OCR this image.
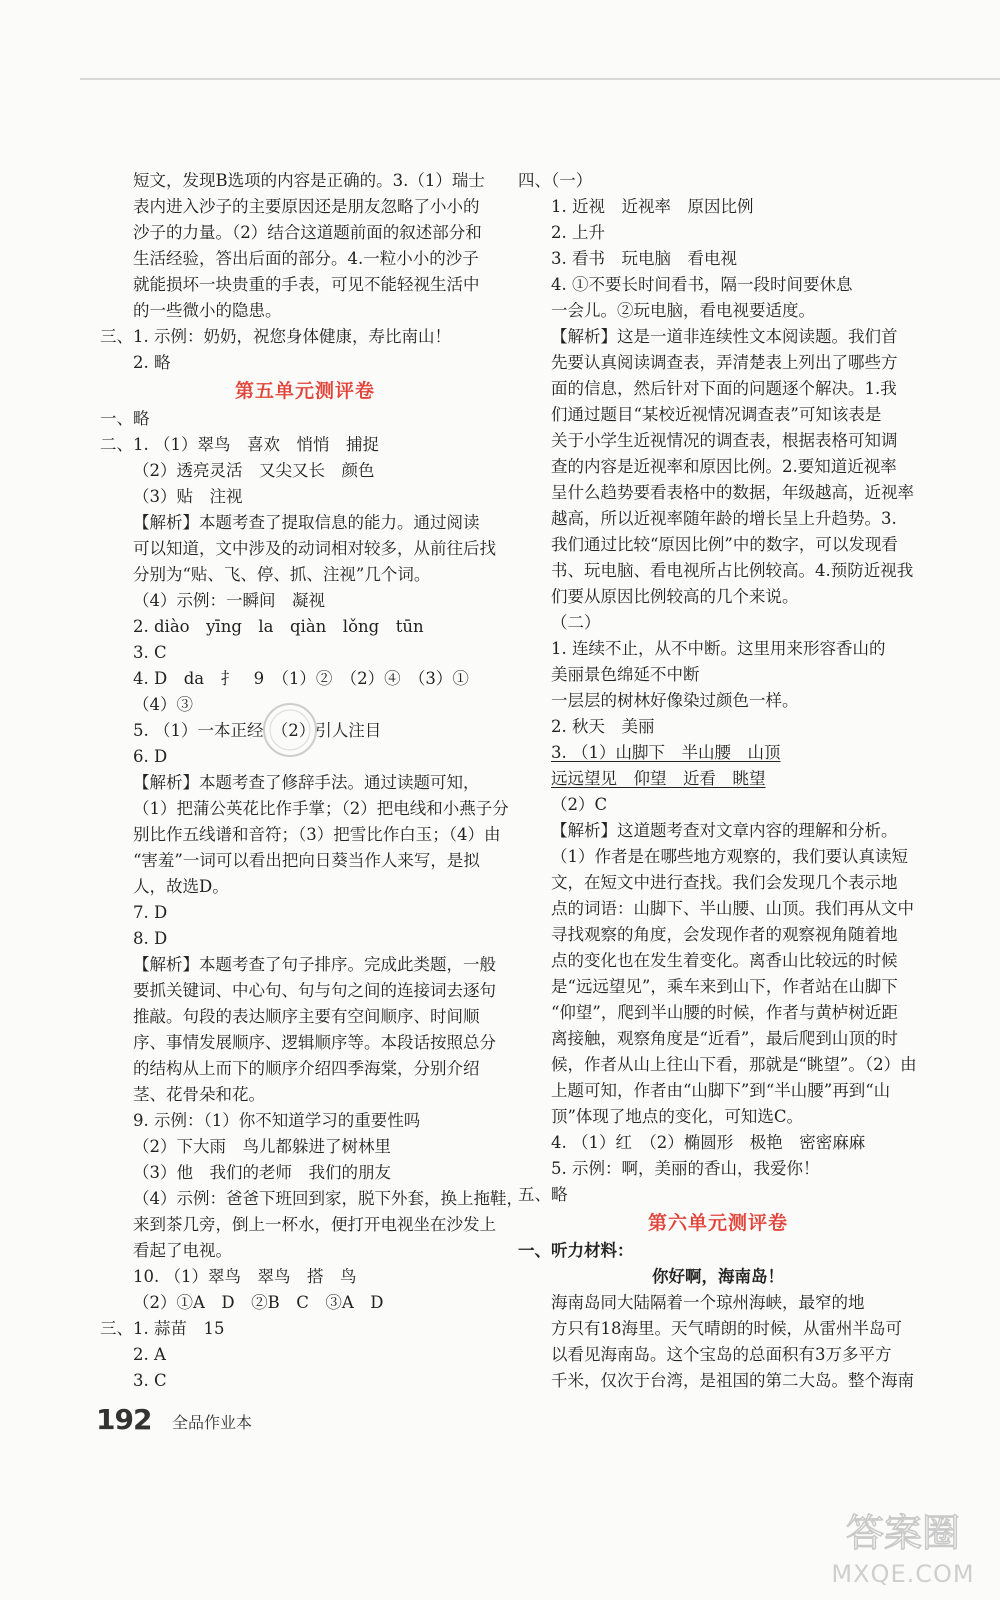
短文，发现B选项的内容是正确的。3.（1）瑞士
表内进入沙子的主要原因还是朋友忽略了小小的
沙子的力量。（2）结合这道题前面的叙述部分和
生活经验，答出后面的部分。4.一粒小小的沙子
就能损坏一块贵重的手表，可见不能轻视生活中
的一些微小的隐患。
三、1. 示例：奶奶，祝您身体健康，寿比南山！
2. 略
第五单元测评卷
一、略
二、1. （1）翠鸟　喜欢　悄悄　捕捉
（2）透亮灵活　又尖又长　颜色
（3）贴　注视
【解析】本题考查了提取信息的能力。通过阅读
可以知道，文中涉及的动词相对较多，从前往后找
分别为“贴、飞、停、抓、注视”几个词。
（4）示例：一瞬间　凝视
2. diào　yīng　la　qiàn　lǒng　tūn
3. C
4. D　da　扌　9　（1）②　（2）④　（3）①
（4）③
5. （1）一本正经　（2）引人注目
6. D
【解析】本题考查了修辞手法。通过读题可知，
（1）把蒲公英花比作手掌；（2）把电线和小燕子分
别比作五线谱和音符；（3）把雪比作白玉；（4）由
“害羞”一词可以看出把向日葵当作人来写，是拟
人，故选D。
7. D
8. D
【解析】本题考查了句子排序。完成此类题，一般
要抓关键词、中心句、句与句之间的连接词去逐句
推敲。句段的表达顺序主要有空间顺序、时间顺
序、事情发展顺序、逻辑顺序等。本段话按照总分
的结构从上而下的顺序介绍四季海棠，分别介绍
茎、花骨朵和花。
9. 示例：（1）你不知道学习的重要性吗
（2）下大雨　鸟儿都躲进了树林里
（3）他　我们的老师　我们的朋友
（4）示例：爸爸下班回到家，脱下外套，换上拖鞋，
来到茶几旁，倒上一杯水，便打开电视坐在沙发上
看起了电视。
10. （1）翠鸟　翠鸟　搭　鸟
（2）①A　D　②B　C　③A　D
三、1. 蒜苗　15
2. A
3. C
四、（一）
1. 近视　近视率　原因比例
2. 上升
3. 看书　玩电脑　看电视
4. ①不要长时间看书，隔一段时间要休息
一会儿。②玩电脑，看电视要适度。
【解析】这是一道非连续性文本阅读题。我们首
先要认真阅读调查表，弄清楚表上列出了哪些方
面的信息，然后针对下面的问题逐个解决。1.我
们通过题目“某校近视情况调查表”可知该表是
关于小学生近视情况的调查表，根据表格可知调
查的内容是近视率和原因比例。2.要知道近视率
呈什么趋势要看表格中的数据，年级越高，近视率
越高，所以近视率随年龄的增长呈上升趋势。3.
我们通过比较“原因比例”中的数字，可以发现看
书、玩电脑、看电视所占比例较高。4.预防近视我
们要从原因比例较高的几个来说。
（二）
1. 连续不止，从不中断。这里用来形容香山的
美丽景色绵延不中断
一层层的树林好像染过颜色一样。
2. 秋天　美丽
3. （1）山脚下　半山腰　山顶
远远望见　仰望　近看　眺望
（2）C
【解析】这道题考查对文章内容的理解和分析。
（1）作者是在哪些地方观察的，我们要认真读短
文，在短文中进行查找。我们会发现几个表示地
点的词语：山脚下、半山腰、山顶。我们再从文中
寻找观察的角度，会发现作者的观察视角随着地
点的变化也在发生着变化。离香山比较远的时候
是“远远望见”，乘车来到山下，作者站在山脚下
“仰望”，爬到半山腰的时候，作者与黄栌树近距
离接触，观察角度是“近看”，最后爬到山顶的时
候，作者从山上往山下看，那就是“眺望”。（2）由
上题可知，作者由“山脚下”到“半山腰”再到“山
顶”体现了地点的变化，可知选C。
4. （1）红　（2）椭圆形　极艳　密密麻麻
5. 示例：啊，美丽的香山，我爱你！
五、略
第六单元测评卷
一、听力材料：
你好啊，海南岛！
　　海南岛同大陆隔着一个琼州海峡，最窄的地
方只有18海里。天气晴朗的时候，从雷州半岛可
以看见海南岛。这个宝岛的总面积有3万多平方
千米，仅次于台湾，是祖国的第二大岛。整个海南
192 全品作业本
答案圈
MXQE.COM
